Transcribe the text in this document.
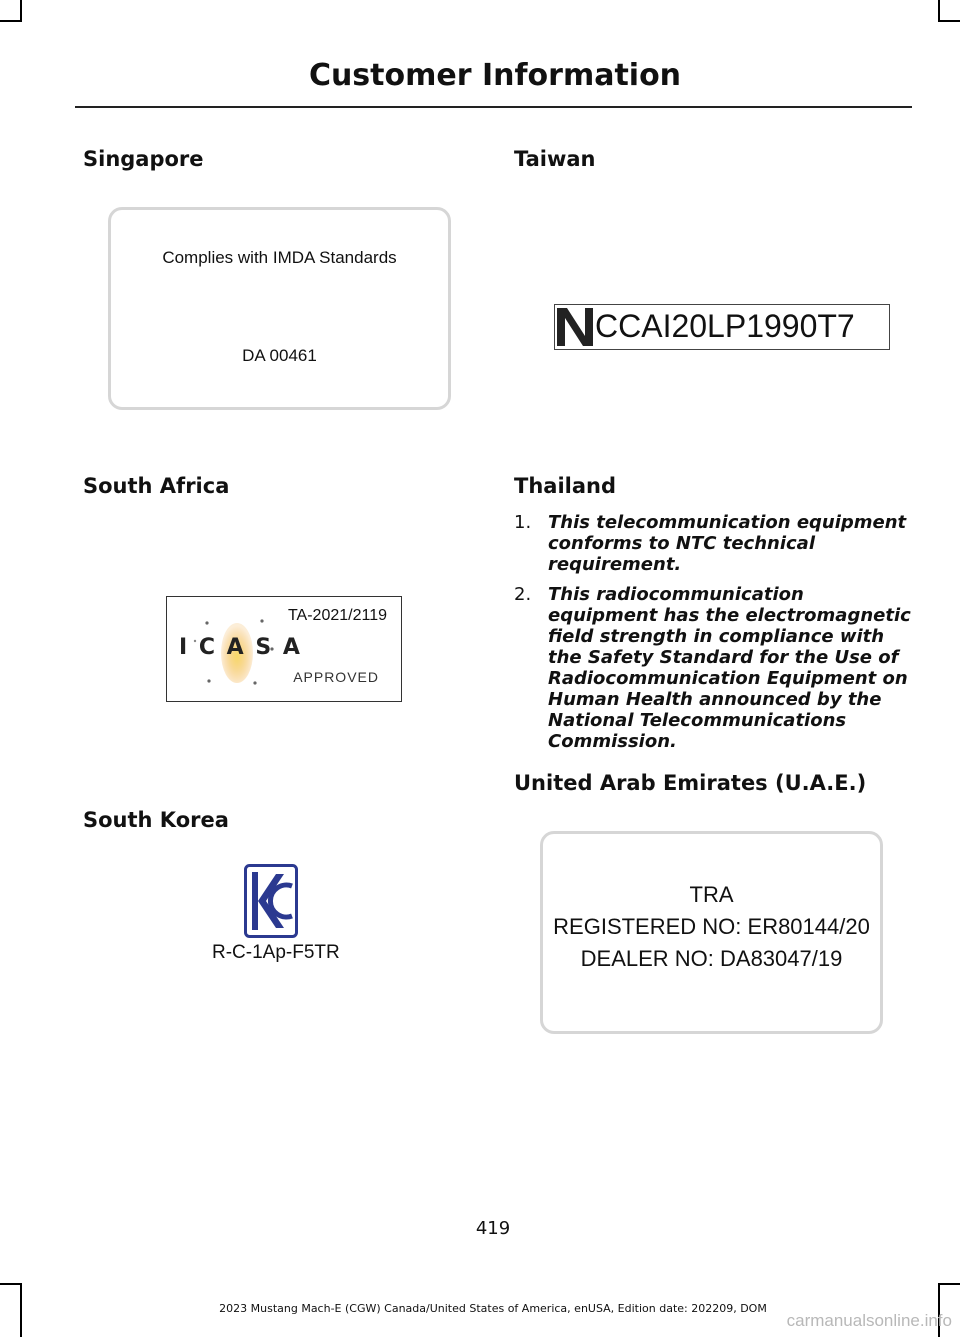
Customer Information
Singapore
Complies with IMDA Standards
DA 00461
South Africa
TA-2021/2119
I C A S A
APPROVED
South Korea
R-C-1Ap-F5TR
Taiwan
CCAI20LP1990T7
Thailand
1. This telecommunication equipment conforms to NTC technical requirement.
2. This radiocommunication equipment has the electromagnetic field strength in compliance with the Safety Standard for the Use of Radiocommunication Equipment on Human Health announced by the National Telecommunications Commission.
United Arab Emirates (U.A.E.)
TRA
REGISTERED NO: ER80144/20
DEALER NO: DA83047/19
419
2023 Mustang Mach-E (CGW) Canada/United States of America, enUSA, Edition date: 202209, DOM
carmanualsonline.info
